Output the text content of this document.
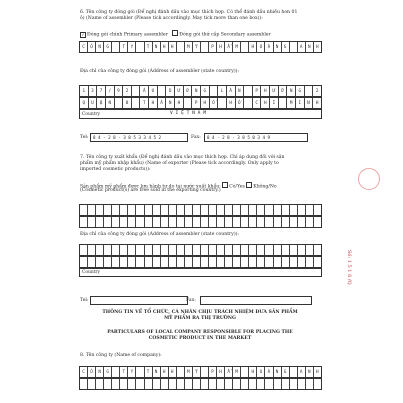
6. Tên công ty đóng gói (Để nghị đánh dấu vào mục thích hợp. Có thể đánh dấu nhiều hơn 01
ô) (Name of assembler (Please tick accordingly. May tick more than one box)):
✓Đóng gói chính Primary assembler Đóng gói thứ cấp Secondary assembler
C	Ô	N	G	T	Y	T	N	H	H	M	Ỹ	P	H	Ẩ	M	H	O	À	N	G	A	N	H
Địa chỉ của công ty đóng gói (Address of assembler (state country)):
1	3	7	/	9	2	Â	U	D	Ư	Ơ	N	G	L	Â	N	P	H	Ư	Ờ	N	G	2
Q	U	Ậ	N	8	T	H	À	N	H	P	H	Ố	H	Ồ	C	H	Í	M	I	N	H
Country	V I Ệ T N A M
Tel: 8 4 - 2 8 - 3 8 5 3 3 4 5 2	Fax: 8 4 - 2 8 - 3 8 5 0 3 4 9
7. Tên công ty xuất khẩu (Để nghị đánh dấu vào mục thích hợp. Chỉ áp dụng đối với sản
phẩm mỹ phẩm nhập khẩu) (Name of exporter (Please tick accordingly. Only apply to
imported cosmetic products)):
Sản phẩm mỹ phẩm được lưu hành tự do tại nước xuất khẩu: Có/Yes Không/No
(Cosmetic product(s) are free sold in the exporting country.)
Địa chỉ của công ty đóng gói (Address of assembler (state country)):
Country
Tel:	Fax:
THÔNG TIN VỀ TỔ CHỨC, CÁ NHÂN CHỊU TRÁCH NHIỆM ĐƯA SẢN PHẨM
MỸ PHẨM RA THỊ TRƯỜNG
PARTICULARS OF LOCAL COMPANY RESPONSIBLE FOR PLACING THE
COSMETIC PRODUCT IN THE MARKET
8. Tên công ty (Name of company):
C	Ô	N	G	T	Y	T	N	H	H	M	Ỹ	P	H	Ẩ	M	H	O	À	N	G	A	N	H
Số: 1 5 1 6 /Q
